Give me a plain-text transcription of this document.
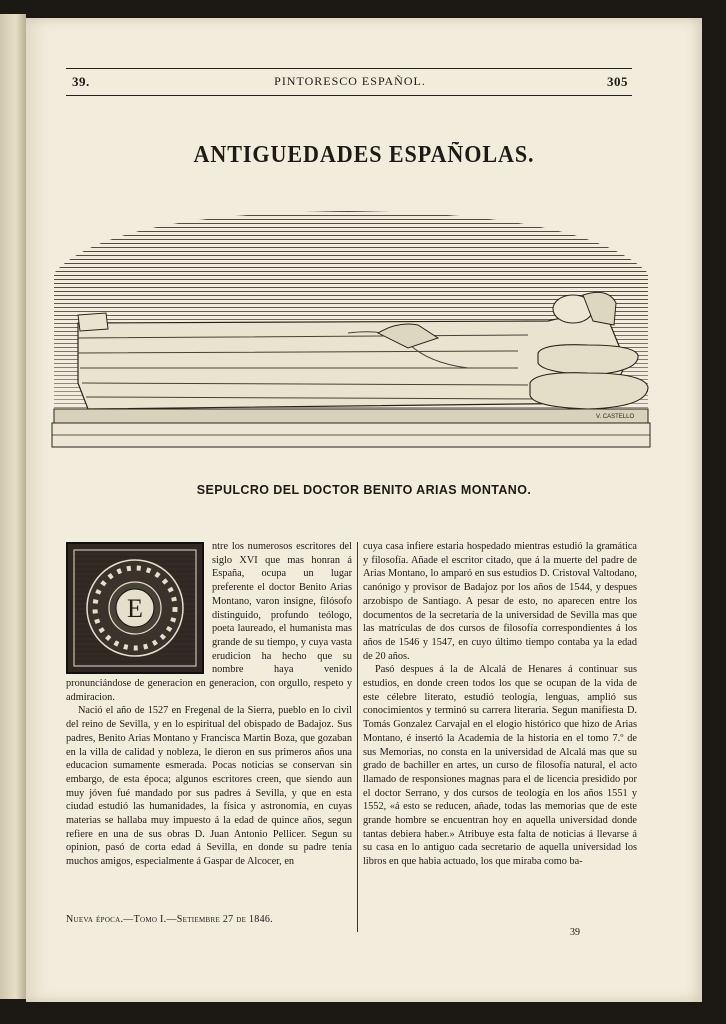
39.	PINTORESCO ESPAÑOL.	305
ANTIGUEDADES ESPAÑOLAS.
V. CASTELLO
SEPULCRO DEL DOCTOR BENITO ARIAS MONTANO.
E

ntre los numerosos escritores del siglo XVI que mas honran á España, ocupa un lugar preferente el doctor Benito Arias Montano, varon insigne, filósofo distinguido, profundo teólogo, poeta laureado, el humanista mas grande de su tiempo, y cuya vasta erudicion ha hecho que su nombre haya venido pronunciándose de generacion en generacion, con orgullo, respeto y admiracion.

Nació el año de 1527 en Fregenal de la Sierra, pueblo en lo civil del reino de Sevilla, y en lo espiritual del obispado de Badajoz. Sus padres, Benito Arias Montano y Francisca Martin Boza, que gozaban en la villa de calidad y nobleza, le dieron en sus primeros años una educacion sumamente esmerada. Pocas noticias se conservan sin embargo, de esta época; algunos escritores creen, que siendo aun muy jóven fué mandado por sus padres á Sevilla, y que en esta ciudad estudió las humanidades, la física y astronomía, en cuyas materias se hallaba muy impuesto á la edad de quince años, segun refiere en una de sus obras D. Juan Antonio Pellicer. Segun su opinion, pasó de corta edad á Sevilla, en donde su padre tenia muchos amigos, especialmente á Gaspar de Alcocer, en

cuya casa infiere estaria hospedado mientras estudió la gramática y filosofía. Añade el escritor citado, que á la muerte del padre de Arias Montano, lo amparó en sus estudios D. Cristoval Valtodano, canónigo y provisor de Badajoz por los años de 1544, y despues arzobispo de Santiago. A pesar de esto, no aparecen entre los documentos de la secretaría de la universidad de Sevilla mas que las matrículas de dos cursos de filosofía correspondientes á los años de 1546 y 1547, en cuyo último tiempo contaba ya la edad de 20 años.

Pasó despues á la de Alcalá de Henares á continuar sus estudios, en donde creen todos los que se ocupan de la vida de este célebre literato, estudió teología, lenguas, amplió sus conocimientos y terminó su carrera literaria. Segun manifiesta D. Tomás Gonzalez Carvajal en el elogio histórico que hizo de Arias Montano, é insertó la Academia de la historia en el tomo 7.º de sus Memorias, no consta en la universidad de Alcalá mas que su grado de bachiller en artes, un curso de filosofía natural, el acto llamado de responsiones magnas para el de licencia presidido por el doctor Serrano, y dos cursos de teología en los años 1551 y 1552, «á esto se reducen, añade, todas las memorias que de este grande hombre se encuentran hoy en aquella universidad donde tantas debiera haber.» Atribuye esta falta de noticias á llevarse á su casa en lo antiguo cada secretario de aquella universidad los libros en que habia actuado, los que miraba como ba-

Nueva época.—Tomo I.—Setiembre 27 de 1846.
39
